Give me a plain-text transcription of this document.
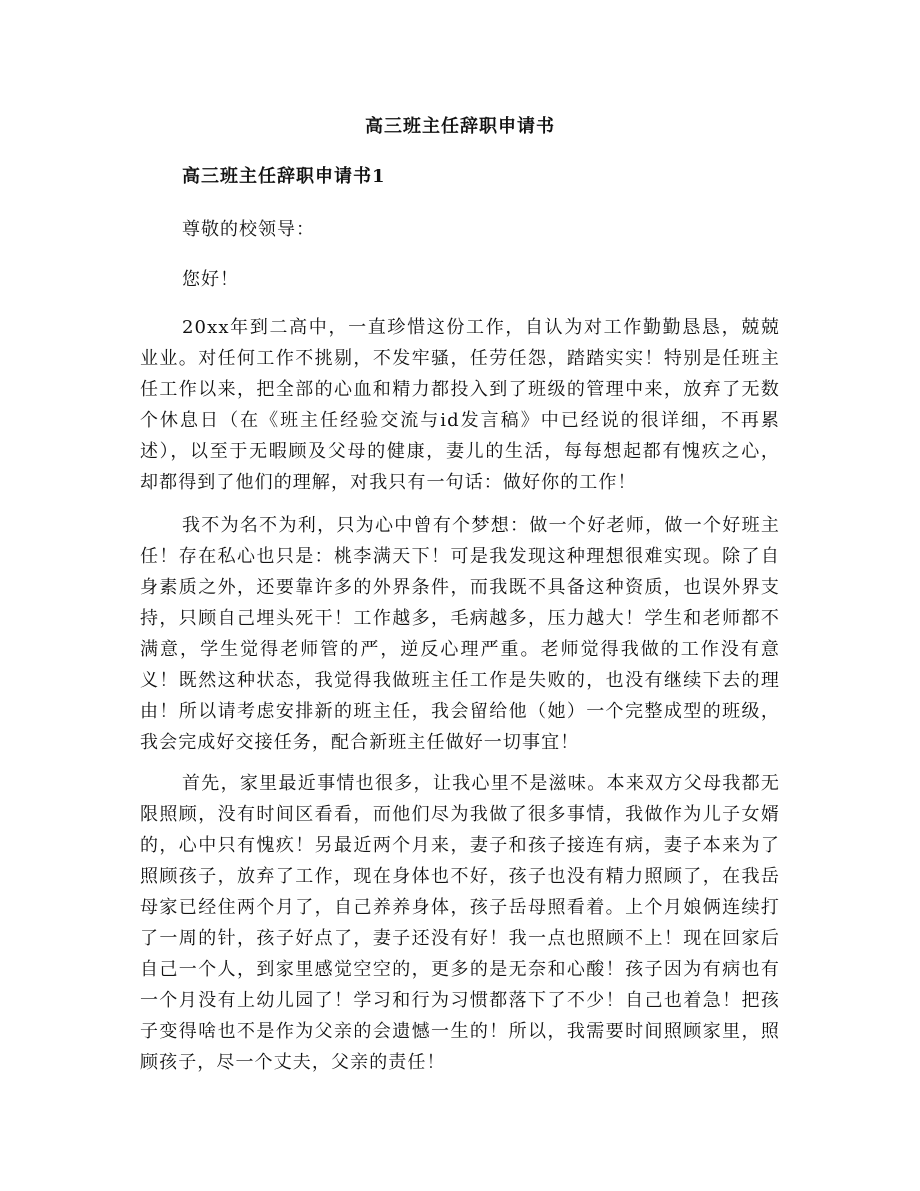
高三班主任辞职申请书
高三班主任辞职申请书1
尊敬的校领导：
您好！

20xx年到二高中，一直珍惜这份工作，自认为对工作勤勤恳恳，兢兢业业。对任何工作不挑剔，不发牢骚，任劳任怨，踏踏实实！特别是任班主任工作以来，把全部的心血和精力都投入到了班级的管理中来，放弃了无数个休息日（在《班主任经验交流与id发言稿》中已经说的很详细，不再累述），以至于无暇顾及父母的健康，妻儿的生活，每每想起都有愧疚之心，却都得到了他们的理解，对我只有一句话：做好你的工作！

我不为名不为利，只为心中曾有个梦想：做一个好老师，做一个好班主任！存在私心也只是：桃李满天下！可是我发现这种理想很难实现。除了自身素质之外，还要靠许多的外界条件，而我既不具备这种资质，也误外界支持，只顾自己埋头死干！工作越多，毛病越多，压力越大！学生和老师都不满意，学生觉得老师管的严，逆反心理严重。老师觉得我做的工作没有意义！既然这种状态，我觉得我做班主任工作是失败的，也没有继续下去的理由！所以请考虑安排新的班主任，我会留给他（她）一个完整成型的班级，我会完成好交接任务，配合新班主任做好一切事宜！

首先，家里最近事情也很多，让我心里不是滋味。本来双方父母我都无限照顾，没有时间区看看，而他们尽为我做了很多事情，我做作为儿子女婿的，心中只有愧疚！另最近两个月来，妻子和孩子接连有病，妻子本来为了照顾孩子，放弃了工作，现在身体也不好，孩子也没有精力照顾了，在我岳母家已经住两个月了，自己养养身体，孩子岳母照看着。上个月娘俩连续打了一周的针，孩子好点了，妻子还没有好！我一点也照顾不上！现在回家后自己一个人，到家里感觉空空的，更多的是无奈和心酸！孩子因为有病也有一个月没有上幼儿园了！学习和行为习惯都落下了不少！自己也着急！把孩子变得啥也不是作为父亲的会遗憾一生的！所以，我需要时间照顾家里，照顾孩子，尽一个丈夫，父亲的责任！
